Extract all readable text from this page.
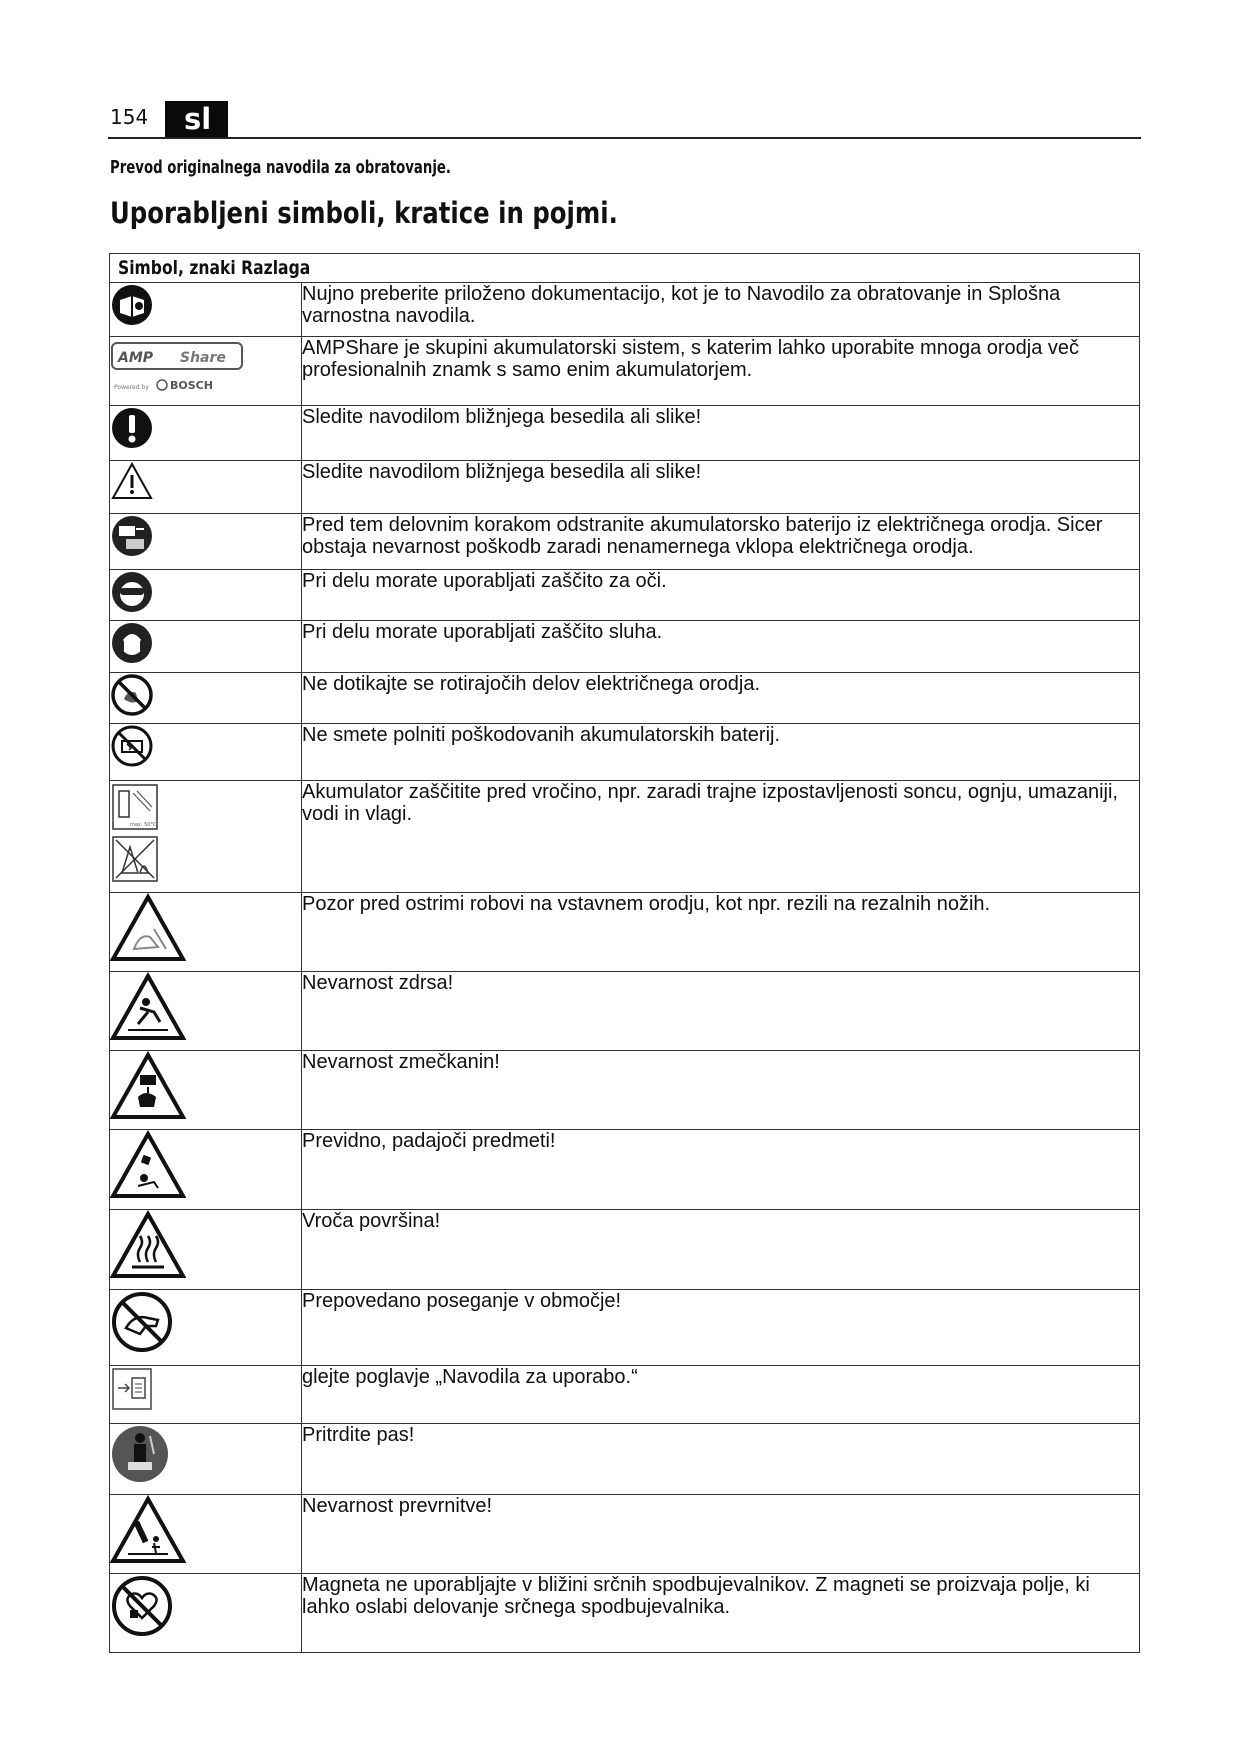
154	sl
Prevod originalnega navodila za obratovanje.
Uporabljeni simboli, kratice in pojmi.
Simbol, znaki Razlaga	

	Nujno preberite priloženo dokumentacijo, kot je to Navodilo za obratovanje in Splošna varnostna navodila.

AMP Share
Powered by BOSCH	AMPShare je skupini akumulatorski sistem, s katerim lahko uporabite mnoga orodja več profesionalnih znamk s samo enim akumulatorjem.

	Sledite navodilom bližnjega besedila ali slike!

	Sledite navodilom bližnjega besedila ali slike!

	Pred tem delovnim korakom odstranite akumulatorsko baterijo iz električnega orodja. Sicer obstaja nevarnost poškodb zaradi nenamernega vklopa električnega orodja.

	Pri delu morate uporabljati zaščito za oči.

	Pri delu morate uporabljati zaščito sluha.

	Ne dotikajte se rotirajočih delov električnega orodja.

	Ne smete polniti poškodovanih akumulatorskih baterij.

max. 50°C	Akumulator zaščitite pred vročino, npr. zaradi trajne izpostavljenosti soncu, ognju, umazaniji, vodi in vlagi.

	Pozor pred ostrimi robovi na vstavnem orodju, kot npr. rezili na rezalnih nožih.

	Nevarnost zdrsa!

	Nevarnost zmečkanin!

	Previdno, padajoči predmeti!

	Vroča površina!

	Prepovedano poseganje v območje!

	glejte poglavje „Navodila za uporabo.“

	Pritrdite pas!

	Nevarnost prevrnitve!

	Magneta ne uporabljajte v bližini srčnih spodbujevalnikov. Z magneti se proizvaja polje, ki lahko oslabi delovanje srčnega spodbujevalnika.
